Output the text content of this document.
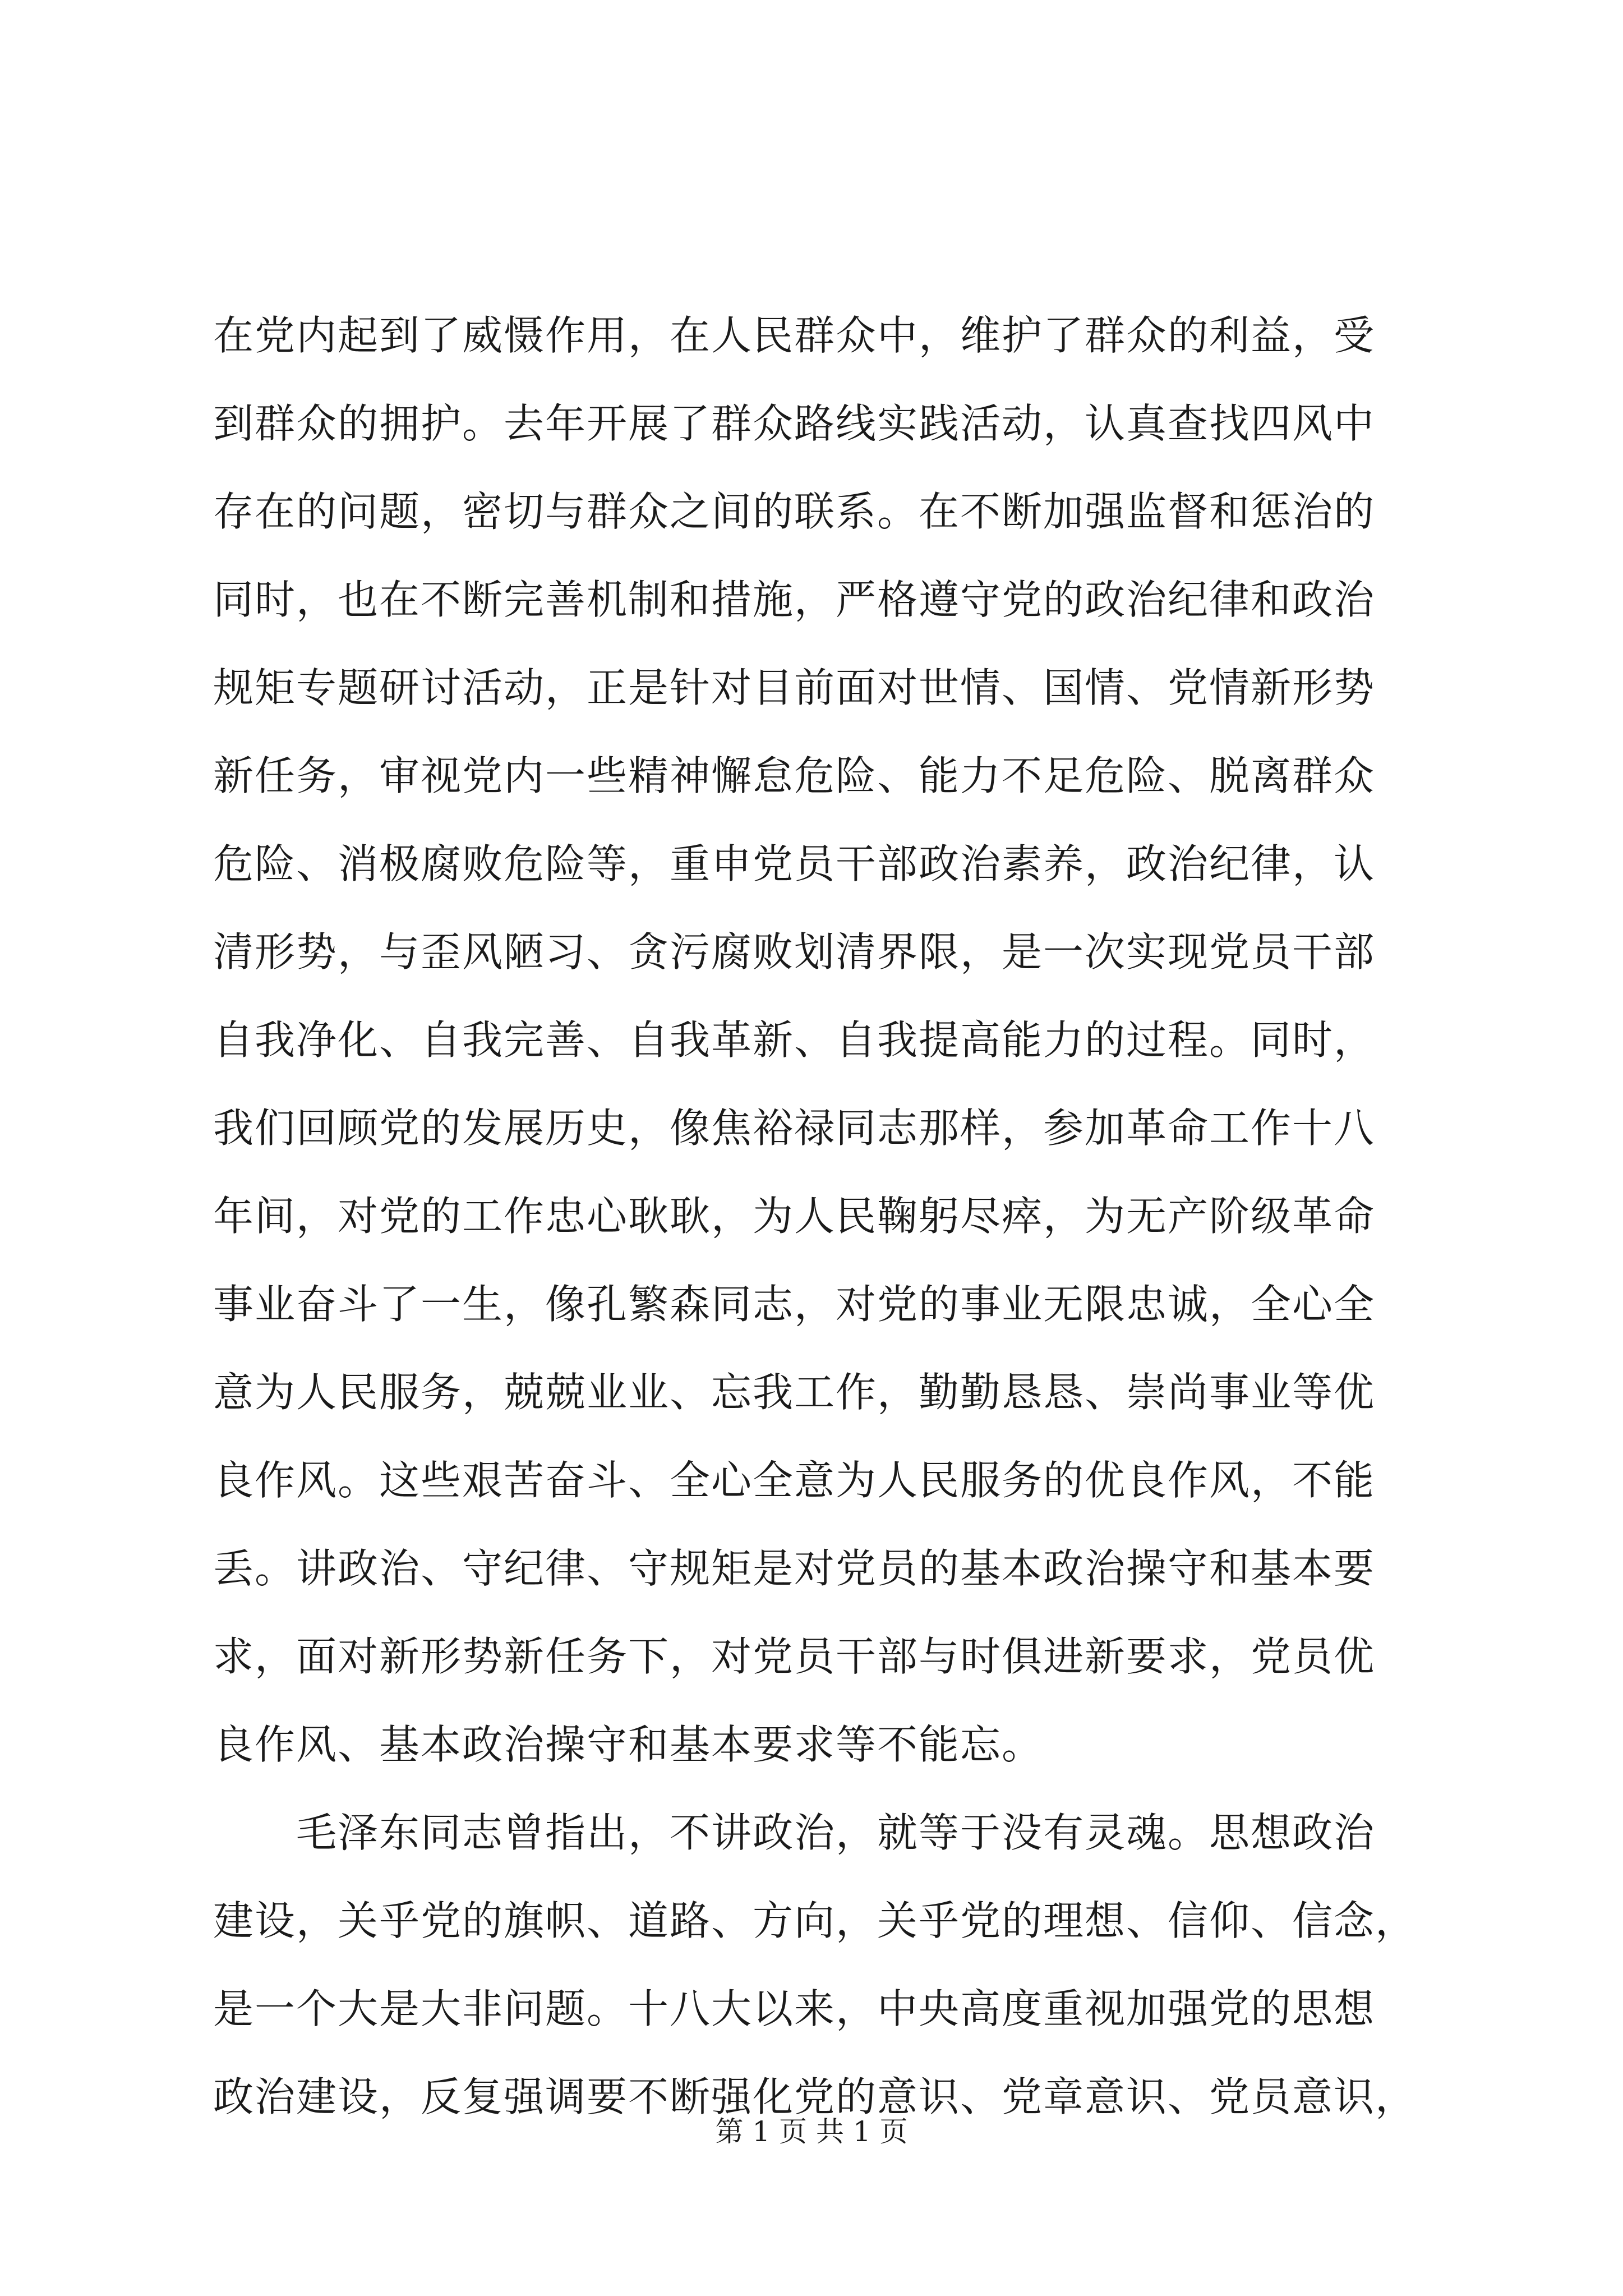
在党内起到了威慑作用，在人民群众中，维护了群众的利益，受
到群众的拥护。去年开展了群众路线实践活动，认真查找四风中
存在的问题，密切与群众之间的联系。在不断加强监督和惩治的
同时，也在不断完善机制和措施，严格遵守党的政治纪律和政治
规矩专题研讨活动，正是针对目前面对世情、国情、党情新形势
新任务，审视党内一些精神懈怠危险、能力不足危险、脱离群众
危险、消极腐败危险等，重申党员干部政治素养，政治纪律，认
清形势，与歪风陋习、贪污腐败划清界限，是一次实现党员干部
自我净化、自我完善、自我革新、自我提高能力的过程。同时，
我们回顾党的发展历史，像焦裕禄同志那样，参加革命工作十八
年间，对党的工作忠心耿耿，为人民鞠躬尽瘁，为无产阶级革命
事业奋斗了一生，像孔繁森同志，对党的事业无限忠诚，全心全
意为人民服务，兢兢业业、忘我工作，勤勤恳恳、崇尚事业等优
良作风。这些艰苦奋斗、全心全意为人民服务的优良作风，不能
丢。讲政治、守纪律、守规矩是对党员的基本政治操守和基本要
求，面对新形势新任务下，对党员干部与时俱进新要求，党员优
良作风、基本政治操守和基本要求等不能忘。
　　毛泽东同志曾指出，不讲政治，就等于没有灵魂。思想政治
建设，关乎党的旗帜、道路、方向，关乎党的理想、信仰、信念，
是一个大是大非问题。十八大以来，中央高度重视加强党的思想
政治建设，反复强调要不断强化党的意识、党章意识、党员意识，
第 1 页 共 1 页
